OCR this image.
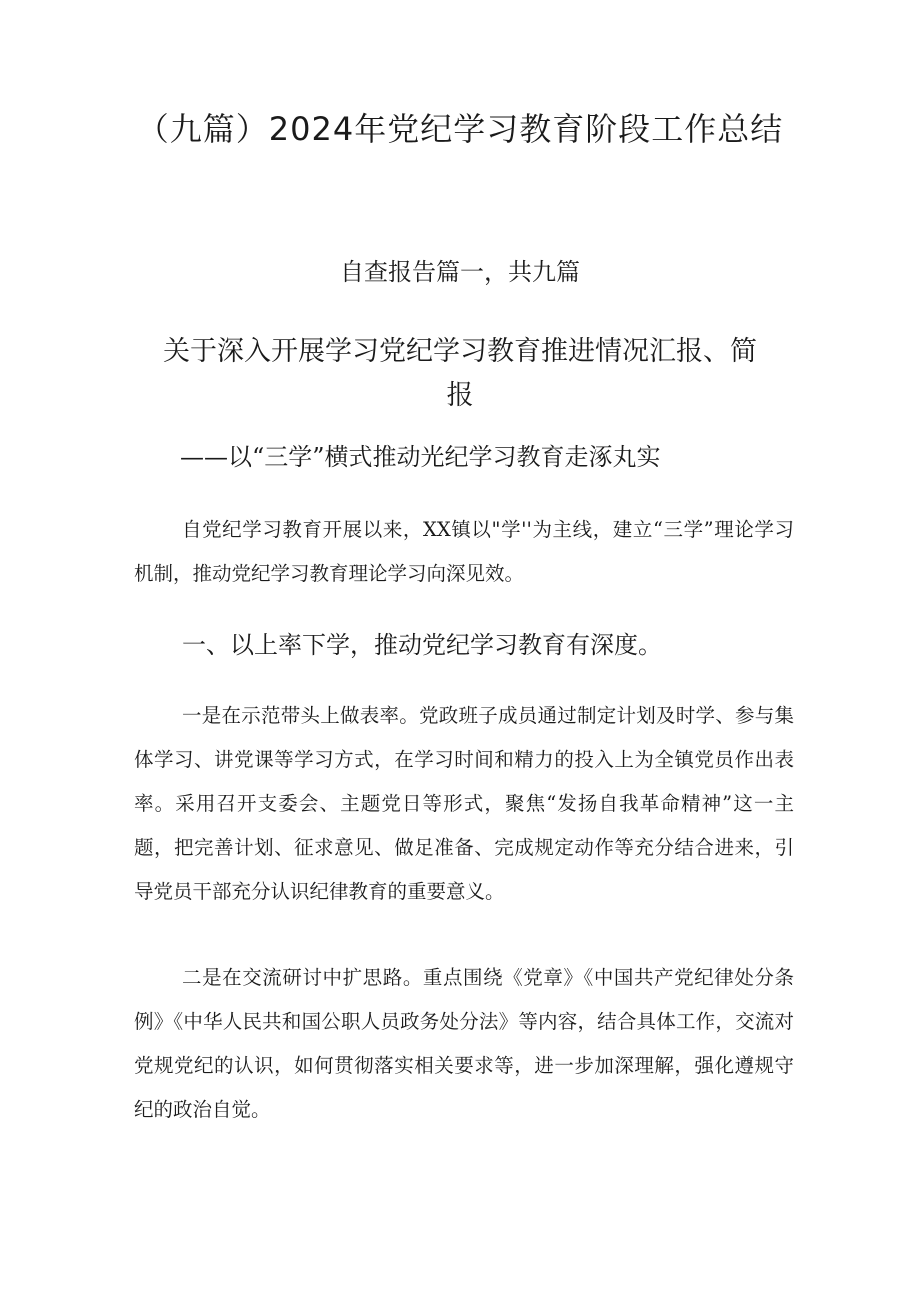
（九篇）2024年党纪学习教育阶段工作总结
自查报告篇一，共九篇
关于深入开展学习党纪学习教育推进情况汇报、简报
——以“三学”横式推动光纪学习教育走涿丸实

自党纪学习教育开展以来，XX镇以"学''为主线，建立“三学”理论学习机制，推动党纪学习教育理论学习向深见效。

一、以上率下学，推动党纪学习教育有深度。

一是在示范带头上做表率。党政班子成员通过制定计划及时学、参与集体学习、讲党课等学习方式，在学习时间和精力的投入上为全镇党员作出表率。采用召开支委会、主题党日等形式，聚焦“发扬自我革命精神”这一主题，把完善计划、征求意见、做足准备、完成规定动作等充分结合进来，引导党员干部充分认识纪律教育的重要意义。

二是在交流研讨中扩思路。重点围绕《党章》《中国共产党纪律处分条例》《中华人民共和国公职人员政务处分法》等内容，结合具体工作，交流对党规党纪的认识，如何贯彻落实相关要求等，进一步加深理解，强化遵规守纪的政治自觉。
